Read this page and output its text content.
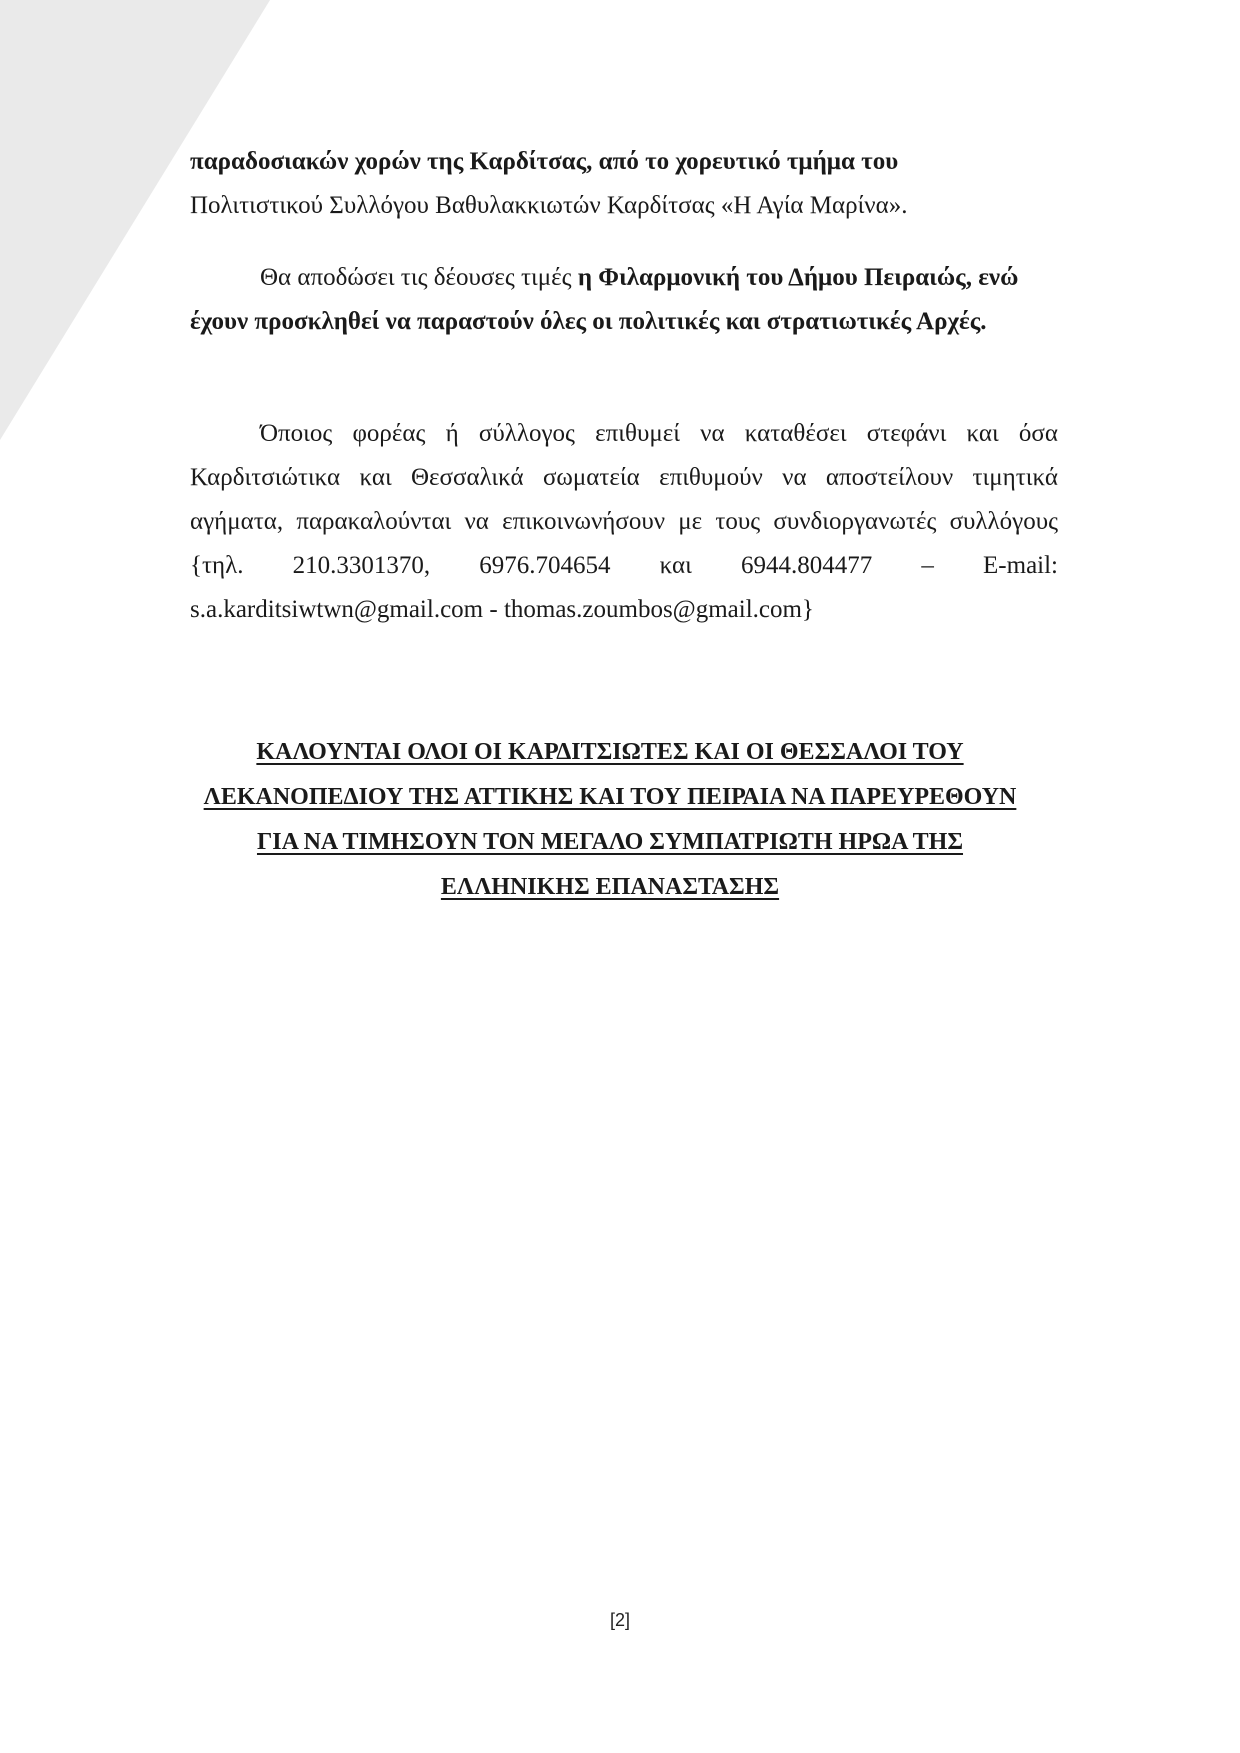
παραδοσιακών χορών της Καρδίτσας, από το χορευτικό τμήμα του
Πολιτιστικού Συλλόγου Βαθυλακκιωτών Καρδίτσας «Η Αγία Μαρίνα».
Θα αποδώσει τις δέουσες τιμές η Φιλαρμονική του Δήμου Πειραιώς, ενώ έχουν προσκληθεί να παραστούν όλες οι πολιτικές και στρατιωτικές Αρχές.
Όποιος φορέας ή σύλλογος επιθυμεί να καταθέσει στεφάνι και όσα Καρδιτσιώτικα και Θεσσαλικά σωματεία επιθυμούν να αποστείλουν τιμητικά αγήματα, παρακαλούνται να επικοινωνήσουν με τους συνδιοργανωτές συλλόγους {τηλ. 210.3301370, 6976.704654 και 6944.804477 – E-mail: s.a.karditsiwtwn@gmail.com - thomas.zoumbos@gmail.com}
ΚΑΛΟΥΝΤΑΙ ΟΛΟΙ ΟΙ ΚΑΡΔΙΤΣΙΩΤΕΣ ΚΑΙ ΟΙ ΘΕΣΣΑΛΟΙ ΤΟΥ
ΛΕΚΑΝΟΠΕΔΙΟΥ ΤΗΣ ΑΤΤΙΚΗΣ ΚΑΙ ΤΟΥ ΠΕΙΡΑΙΑ ΝΑ ΠΑΡΕΥΡΕΘΟΥΝ
ΓΙΑ ΝΑ ΤΙΜΗΣΟΥΝ ΤΟΝ ΜΕΓΑΛΟ ΣΥΜΠΑΤΡΙΩΤΗ ΗΡΩΑ ΤΗΣ
ΕΛΛΗΝΙΚΗΣ ΕΠΑΝΑΣΤΑΣΗΣ
[2]
